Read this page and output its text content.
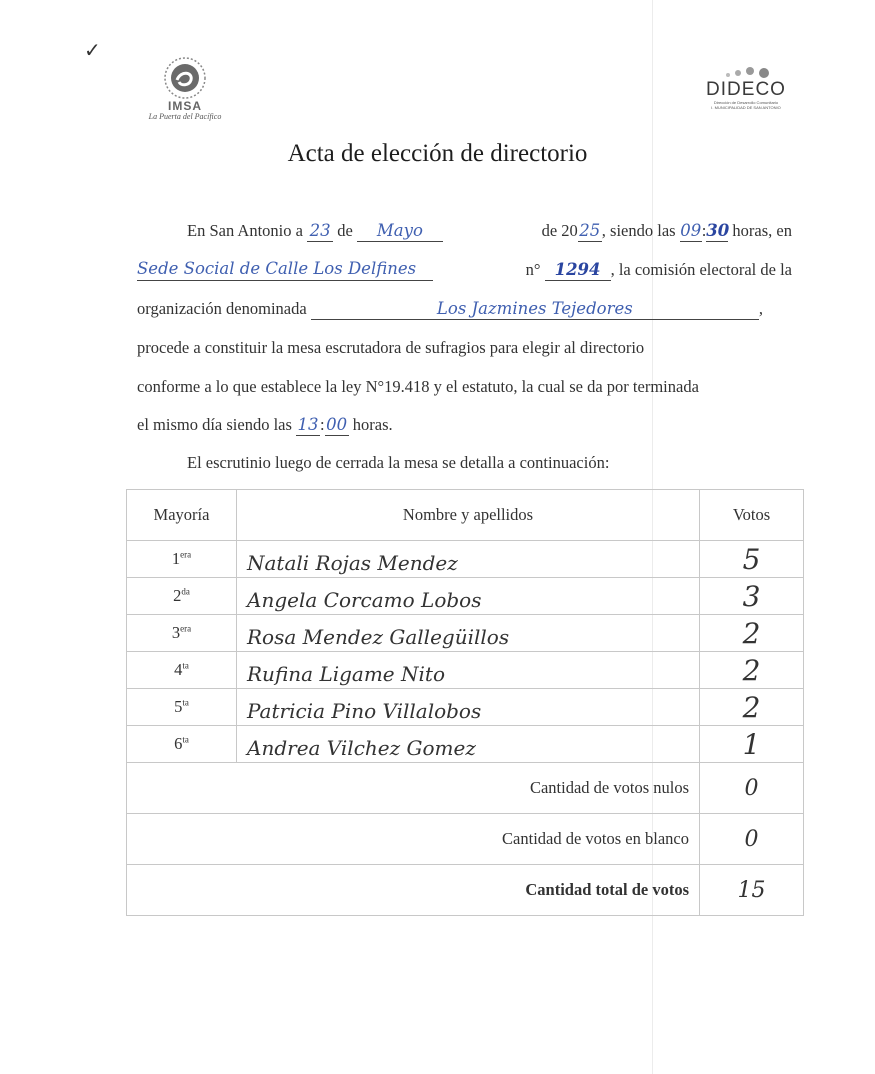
✓
IMSA
La Puerta del Pacífico
DIDECO
Dirección de Desarrollo Comunitario
I. MUNICIPALIDAD DE SAN ANTONIO
Acta de elección de directorio
En San Antonio a 23 de Mayo	de 2025, siendo las 09:30 horas, en
Sede Social de Calle Los Delfines	n° 1294 , la comisión electoral de la
organización denominada	Los Jazmines Tejedores	,
procede a constituir la mesa escrutadora de sufragios para elegir al directorio
conforme a lo que establece la ley N°19.418 y el estatuto, la cual se da por terminada
el mismo día siendo las 13:00 horas.
El escrutinio luego de cerrada la mesa se detalla a continuación:
Mayoría	Nombre y apellidos	Votos
$1^{era}$	Natali Rojas Mendez	5
$2^{da}$	Angela Corcamo Lobos	3
$3^{era}$	Rosa Mendez Gallegüillos	2
$4^{ta}$	Rufina Ligame Nito	2
$5^{ta}$	Patricia Pino Villalobos	2
$6^{ta}$	Andrea Vilchez Gomez	1
Cantidad de votos nulos		0
Cantidad de votos en blanco		0
Cantidad total de votos		15
